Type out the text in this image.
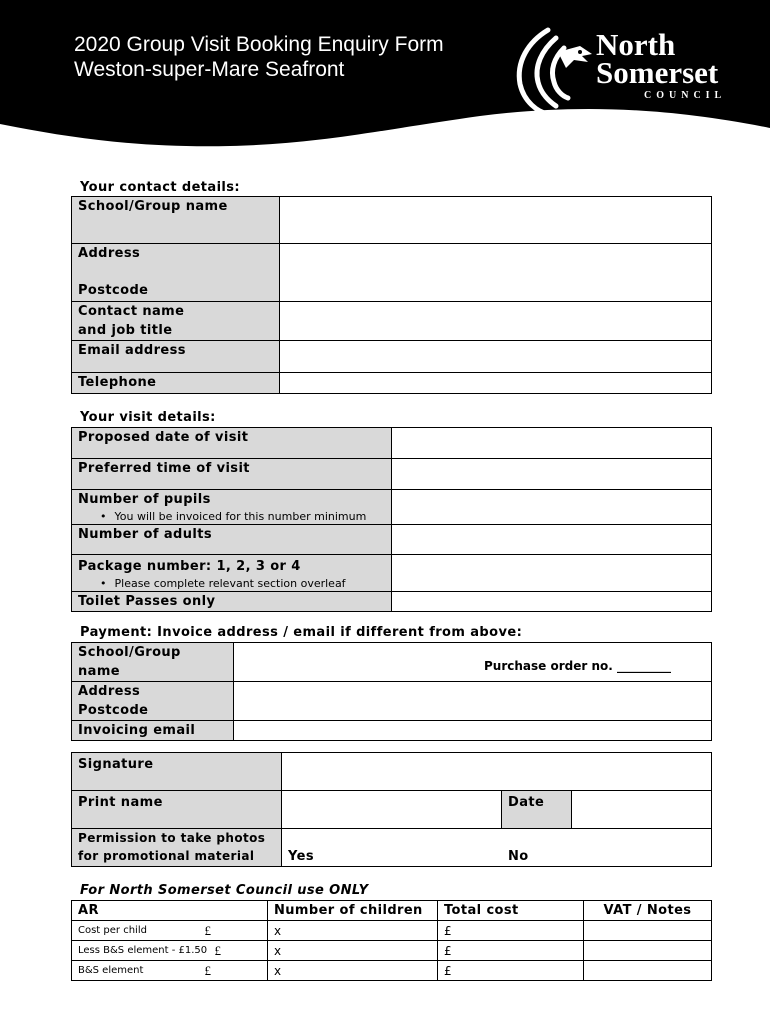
2020 Group Visit Booking Enquiry Form
Weston-super-Mare Seafront
North
Somerset
COUNCIL
Your contact details:
School/Group name	

Address
Postcode	

Contact name
and job title	

Email address	

Telephone	

Your visit details:
Proposed date of visit	

Preferred time of visit	

Number of pupils
• You will be invoiced for this number minimum

Number of adults	

Package number: 1, 2, 3 or 4
• Please complete relevant section overleaf

Toilet Passes only	

Payment: Invoice address / email if different from above:
School/Group
name	Purchase order no. _________

Address
Postcode	

Invoicing email	

Signature			

Print name		Date	

Permission to take photos
for promotional material	Yes No		
For North Somerset Council use ONLY
AR	Number of children	Total cost	VAT / Notes
Cost per child £	x	£	
Less B&S element - £1.50 £	x	£	
B&S element £	x	£	
